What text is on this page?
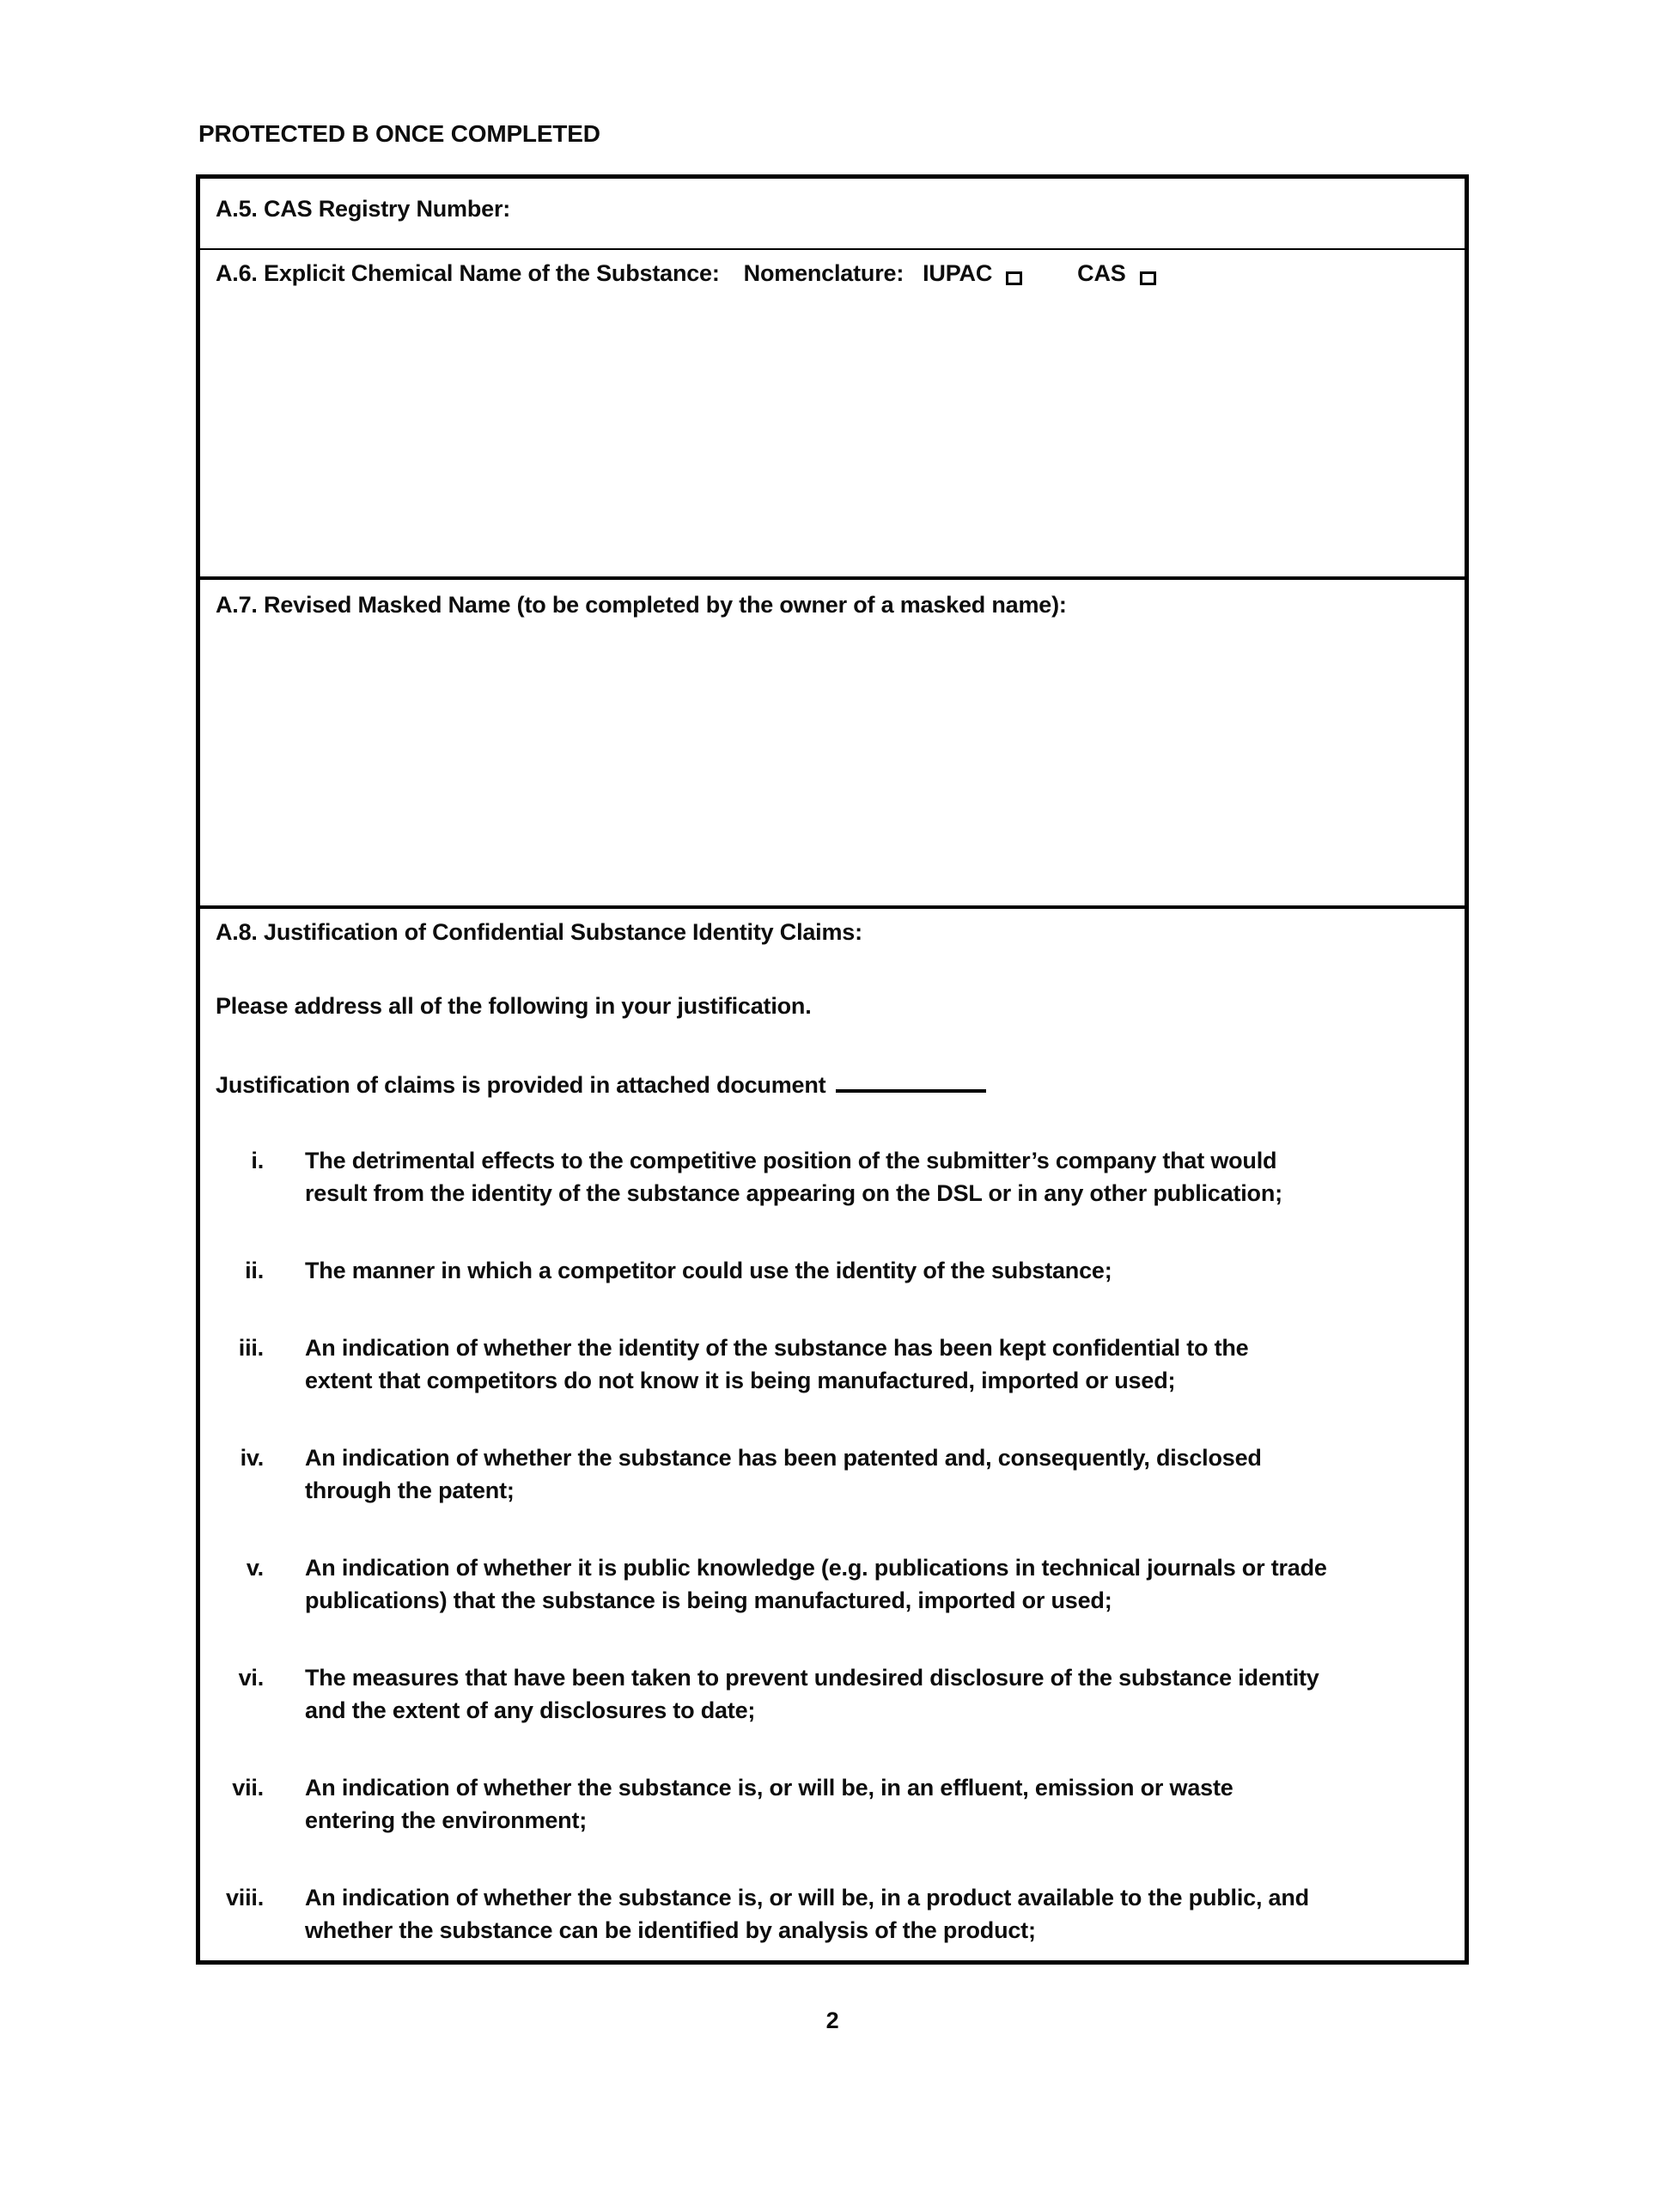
PROTECTED B ONCE COMPLETED
A.5. CAS Registry Number:
A.6. Explicit Chemical Name of the Substance: Nomenclature: IUPAC	CAS
A.7. Revised Masked Name (to be completed by the owner of a masked name):
A.8. Justification of Confidential Substance Identity Claims:
Please address all of the following in your justification.
Justification of claims is provided in attached document
i. The detrimental effects to the competitive position of the submitter’s company that would
result from the identity of the substance appearing on the DSL or in any other publication;
ii. The manner in which a competitor could use the identity of the substance;
iii. An indication of whether the identity of the substance has been kept confidential to the
extent that competitors do not know it is being manufactured, imported or used;
iv. An indication of whether the substance has been patented and, consequently, disclosed
through the patent;
v. An indication of whether it is public knowledge (e.g. publications in technical journals or trade
publications) that the substance is being manufactured, imported or used;
vi. The measures that have been taken to prevent undesired disclosure of the substance identity
and the extent of any disclosures to date;
vii. An indication of whether the substance is, or will be, in an effluent, emission or waste
entering the environment;
viii. An indication of whether the substance is, or will be, in a product available to the public, and
whether the substance can be identified by analysis of the product;
2
